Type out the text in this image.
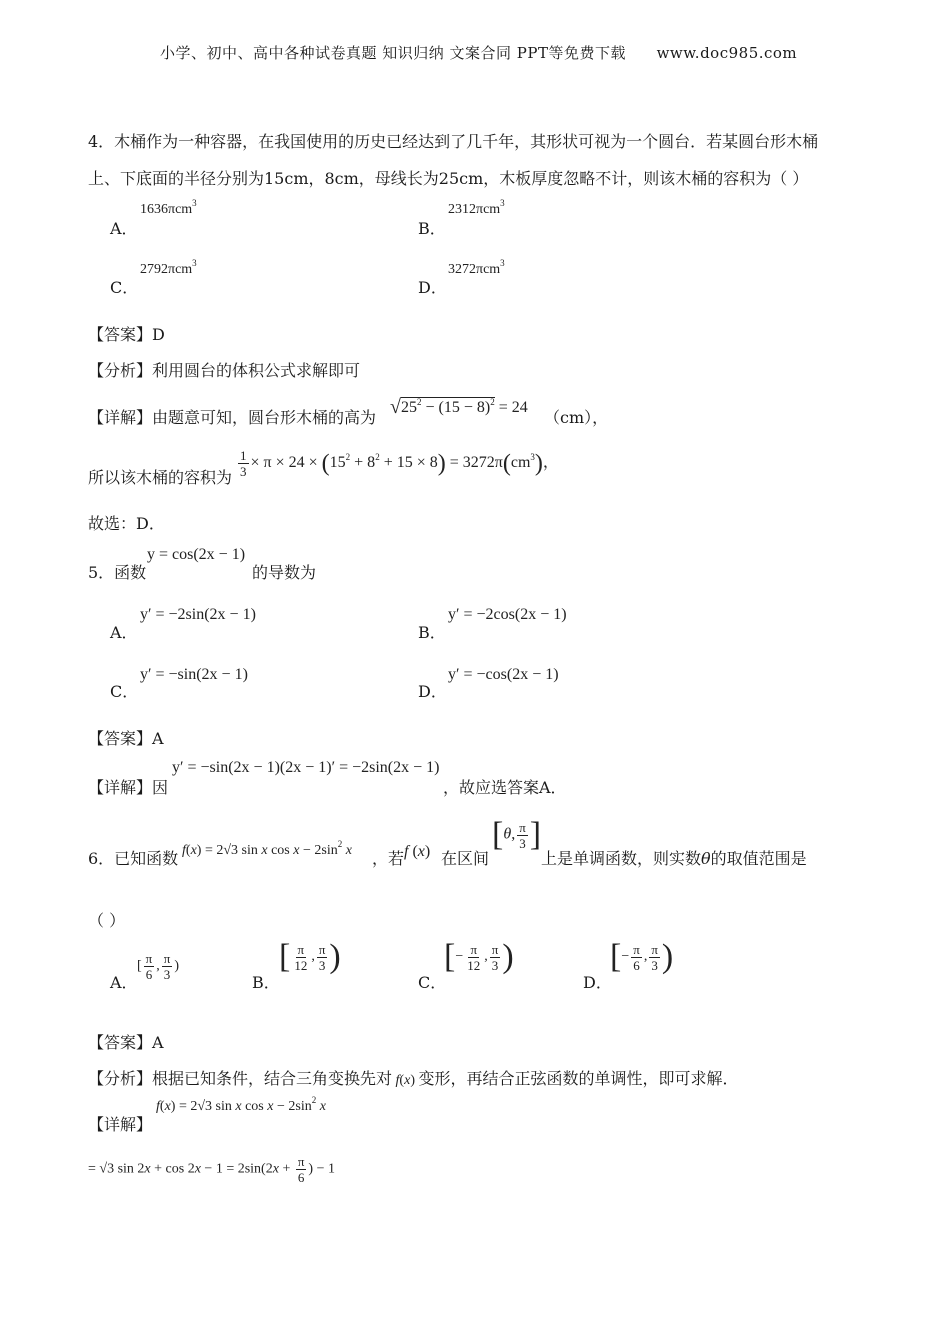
小学、初中、高中各种试卷真题 知识归纳 文案合同 PPT等免费下载 www.doc985.com
4．木桶作为一种容器，在我国使用的历史已经达到了几千年，其形状可视为一个圆台．若某圆台形木桶
上、下底面的半径分别为15cm，8cm，母线长为25cm，木板厚度忽略不计，则该木桶的容积为（ ）
A．
1636πcm$^3$
B．
2312πcm$^3$
C．
2792πcm$^3$
D．
3272πcm$^3$
【答案】D
【分析】利用圆台的体积公式求解即可
【详解】由题意可知，圆台形木桶的高为 $√25^2 - (15 - 8)^2 = 24$
（cm），
所以该木桶的容积为 $\frac{1}{3} \times \pi \times 24 \times (15^2 + 8^2 + 15 \times 8) = 3272\pi(cm^3)$，
故选：D．
5．函数
y = cos(2x − 1)
的导数为
A．
y′ = −2sin(2x − 1)
B．
y′ = −2cos(2x − 1)
C．
y′ = −sin(2x − 1)
D．
y′ = −cos(2x − 1)
【答案】A
【详解】因
y′ = −sin(2x − 1)(2x − 1)′ = −2sin(2x − 1)
，故应选答案A．
6．已知函数 f(x) = 2√3 sin x $\cos x - 2\sin^2$ x ，若 f (x) 在区间
[θ, $\frac{\pi}{3}$ ]
上是单调函数，则实数θ的取值范围是
（ ）
A．
[ $\frac{\pi}{6}$ , $\frac{\pi}{3}$ )
B．
[ $\frac{\pi}{12}$ , $\frac{\pi}{3}$ )
C．
[− $\frac{\pi}{12}$ , $\frac{\pi}{3}$ )
D．
[− $\frac{\pi}{6}$ , $\frac{\pi}{3}$ )
【答案】A
【分析】根据已知条件，结合三角变换先对 f(x) 变形，再结合正弦函数的单调性，即可求解．
【详解】
f(x) = 2√3 sin x $\cos x - 2\sin^2$ x
= √3 $\sin 2x + \cos 2x - 1 = 2\sin(2x + \frac{\pi}{6}$ ) − 1
